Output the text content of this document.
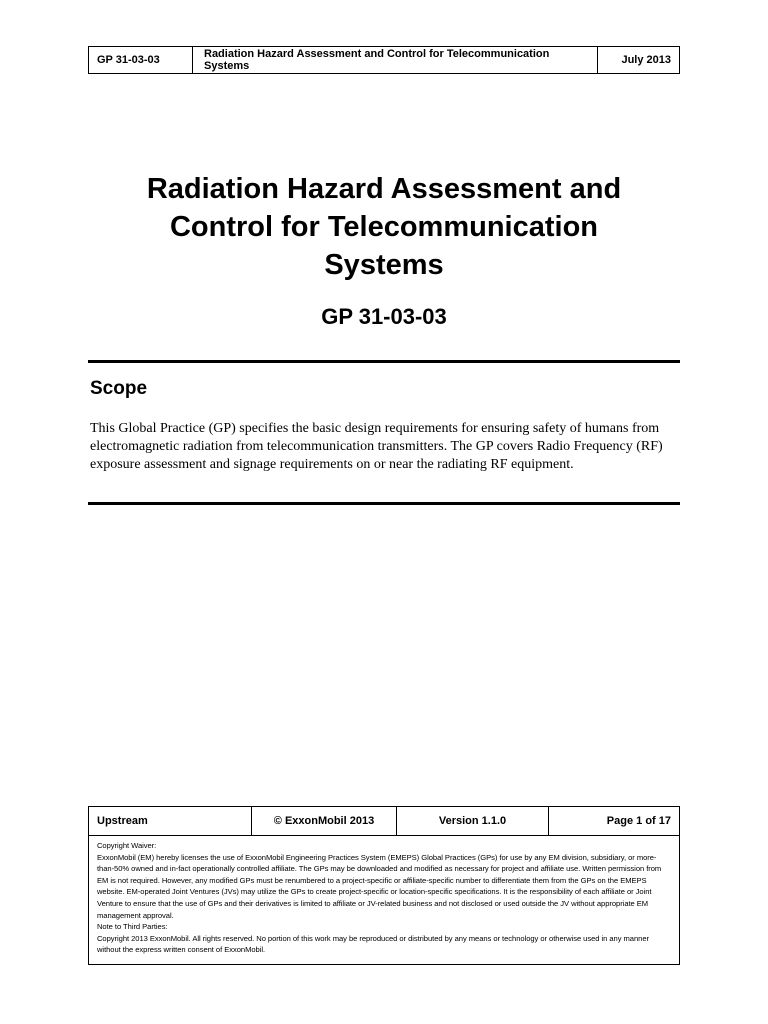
GP 31-03-03	Radiation Hazard Assessment and Control for Telecommunication Systems	July 2013
Radiation Hazard Assessment and
Control for Telecommunication
Systems
GP 31-03-03
Scope
This Global Practice (GP) specifies the basic design requirements for ensuring safety of humans from electromagnetic radiation from telecommunication transmitters. The GP covers Radio Frequency (RF) exposure assessment and signage requirements on or near the radiating RF equipment.
Upstream	© ExxonMobil 2013	Version 1.1.0	Page 1 of 17

Copyright Waiver:

ExxonMobil (EM) hereby licenses the use of ExxonMobil Engineering Practices System (EMEPS) Global Practices (GPs) for use by any EM division, subsidiary, or more-than-50% owned and in-fact operationally controlled affiliate. The GPs may be downloaded and modified as necessary for project and affiliate use. Written permission from EM is not required. However, any modified GPs must be renumbered to a project-specific or affiliate-specific number to differentiate them from the GPs on the EMEPS website. EM-operated Joint Ventures (JVs) may utilize the GPs to create project-specific or location-specific specifications. It is the responsibility of each affiliate or Joint Venture to ensure that the use of GPs and their derivatives is limited to affiliate or JV-related business and not disclosed or used outside the JV without appropriate EM management approval.

Note to Third Parties:

Copyright 2013 ExxonMobil. All rights reserved. No portion of this work may be reproduced or distributed by any means or technology or otherwise used in any manner without the express written consent of ExxonMobil.
